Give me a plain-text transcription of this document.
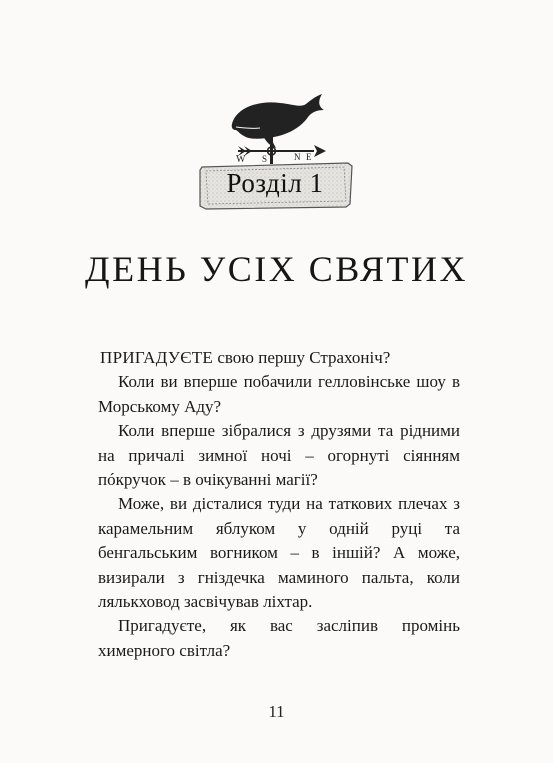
W S	N E
Розділ 1
ДЕНЬ УСІХ СВЯТИХ

ПРИГАДУЄТЕ свою першу Страхоніч?

Коли ви вперше побачили гелловінське шоу в Морському Аду?

Коли вперше зібралися з друзями та рідними на причалі зимної ночі – огорнуті сіянням пóкручок – в очікуванні магії?

Може, ви дісталися туди на таткових плечах з карамельним яблуком у одній руці та бенгальським вогником – в іншій? А може, визирали з гніздечка маминого пальта, коли лялькховод засвічував ліхтар.

Пригадуєте, як вас засліпив промінь химерного світла?

11
